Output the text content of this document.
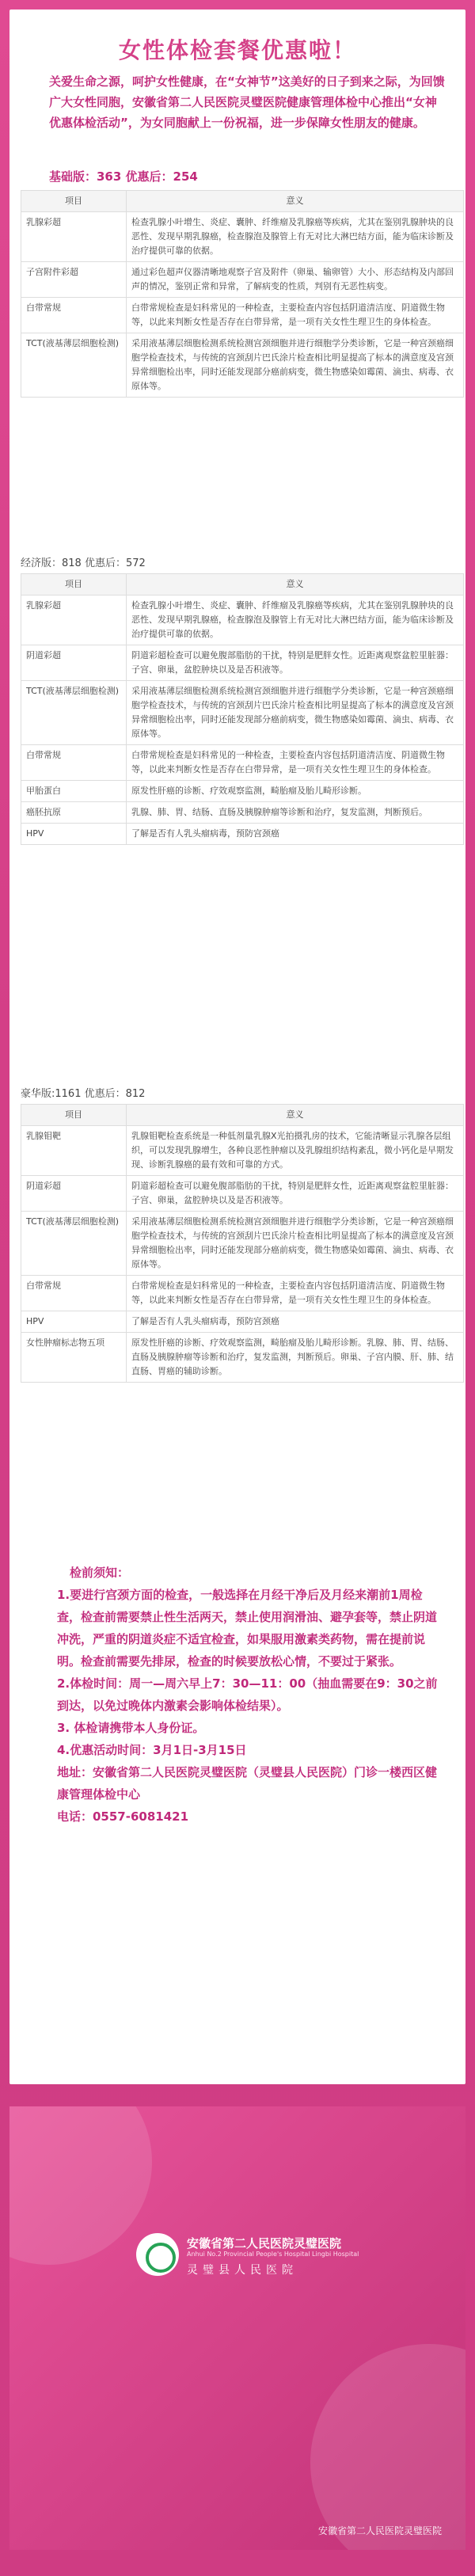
女性体检套餐优惠啦！
关爱生命之源，呵护女性健康，在“女神节”这美好的日子到来之际，为回馈广大女性同胞，安徽省第二人民医院灵璧医院健康管理体检中心推出“女神优惠体检活动”，为女同胞献上一份祝福，进一步保障女性朋友的健康。
基础版：363 优惠后：254
项目	意义
乳腺彩超	检查乳腺小叶增生、炎症、囊肿、纤维瘤及乳腺癌等疾病，尤其在鉴别乳腺肿块的良恶性、发现早期乳腺癌，检查腺泡及腺管上有无对比大淋巴结方面，能为临床诊断及治疗提供可靠的依据。
子宫附件彩超	通过彩色超声仪器清晰地观察子宫及附件（卵巢、输卵管）大小、形态结构及内部回声的情况，鉴别正常和异常，了解病变的性质，判别有无恶性病变。
白带常规	白带常规检查是妇科常见的一种检查，主要检查内容包括阴道清洁度、阴道微生物等，以此来判断女性是否存在白带异常，是一项有关女性生理卫生的身体检查。
TCT(液基薄层细胞检测)	采用液基薄层细胞检测系统检测宫颈细胞并进行细胞学分类诊断，它是一种宫颈癌细胞学检查技术，与传统的宫颈刮片巴氏涂片检查相比明显提高了标本的满意度及宫颈异常细胞检出率，同时还能发现部分癌前病变，微生物感染如霉菌、滴虫、病毒、衣原体等。
经济版：818 优惠后：572
项目	意义
乳腺彩超	检查乳腺小叶增生、炎症、囊肿、纤维瘤及乳腺癌等疾病，尤其在鉴别乳腺肿块的良恶性、发现早期乳腺癌，检查腺泡及腺管上有无对比大淋巴结方面，能为临床诊断及治疗提供可靠的依据。
阴道彩超	阴道彩超检查可以避免腹部脂肪的干扰，特别是肥胖女性。近距离观察盆腔里脏器：子宫、卵巢，盆腔肿块以及是否积液等。
TCT(液基薄层细胞检测)	采用液基薄层细胞检测系统检测宫颈细胞并进行细胞学分类诊断，它是一种宫颈癌细胞学检查技术，与传统的宫颈刮片巴氏涂片检查相比明显提高了标本的满意度及宫颈异常细胞检出率，同时还能发现部分癌前病变，微生物感染如霉菌、滴虫、病毒、衣原体等。
白带常规	白带常规检查是妇科常见的一种检查，主要检查内容包括阴道清洁度、阴道微生物等，以此来判断女性是否存在白带异常，是一项有关女性生理卫生的身体检查。
甲胎蛋白	原发性肝癌的诊断、疗效观察监测，畸胎瘤及胎儿畸形诊断。
癌胚抗原	乳腺、肺、胃、结肠、直肠及胰腺肿瘤等诊断和治疗，复发监测，判断预后。
HPV	了解是否有人乳头瘤病毒，预防宫颈癌
豪华版:1161 优惠后：812
项目	意义
乳腺钼靶	乳腺钼靶检查系统是一种低剂量乳腺X光拍摄乳房的技术，它能清晰显示乳腺各层组织，可以发现乳腺增生，各种良恶性肿瘤以及乳腺组织结构紊乱，微小钙化是早期发现、诊断乳腺癌的最有效和可靠的方式。
阴道彩超	阴道彩超检查可以避免腹部脂肪的干扰，特别是肥胖女性，近距离观察盆腔里脏器：子宫、卵巢，盆腔肿块以及是否积液等。
TCT(液基薄层细胞检测)	采用液基薄层细胞检测系统检测宫颈细胞并进行细胞学分类诊断，它是一种宫颈癌细胞学检查技术，与传统的宫颈刮片巴氏涂片检查相比明显提高了标本的满意度及宫颈异常细胞检出率，同时还能发现部分癌前病变，微生物感染如霉菌、滴虫、病毒、衣原体等。
白带常规	白带常规检查是妇科常见的一种检查，主要检查内容包括阴道清洁度、阴道微生物等，以此来判断女性是否存在白带异常，是一项有关女性生理卫生的身体检查。
HPV	了解是否有人乳头瘤病毒，预防宫颈癌
女性肿瘤标志物五项	原发性肝癌的诊断、疗效观察监测，畸胎瘤及胎儿畸形诊断。乳腺、肺、胃、结肠、直肠及胰腺肿瘤等诊断和治疗，复发监测，判断预后。卵巢、子宫内膜、肝、肺、结直肠、胃癌的辅助诊断。
检前须知：
1.要进行宫颈方面的检查，一般选择在月经干净后及月经来潮前1周检查，检查前需要禁止性生活两天，禁止使用润滑油、避孕套等，禁止阴道冲洗，严重的阴道炎症不适宜检查，如果服用激素类药物，需在提前说明。检查前需要先排尿，检查的时候要放松心情，不要过于紧张。
2.体检时间：周一—周六早上7：30—11：00（抽血需要在9：30之前到达，以免过晚体内激素会影响体检结果）。
3. 体检请携带本人身份证。
4.优惠活动时间：3月1日-3月15日
地址：安徽省第二人民医院灵璧医院（灵璧县人民医院）门诊一楼西区健康管理体检中心
电话：0557-6081421
安徽省第二人民医院灵璧医院
Anhui No.2 Provincial People's Hospital Lingbi Hospital
灵璧县人民医院
安徽省第二人民医院灵璧医院
